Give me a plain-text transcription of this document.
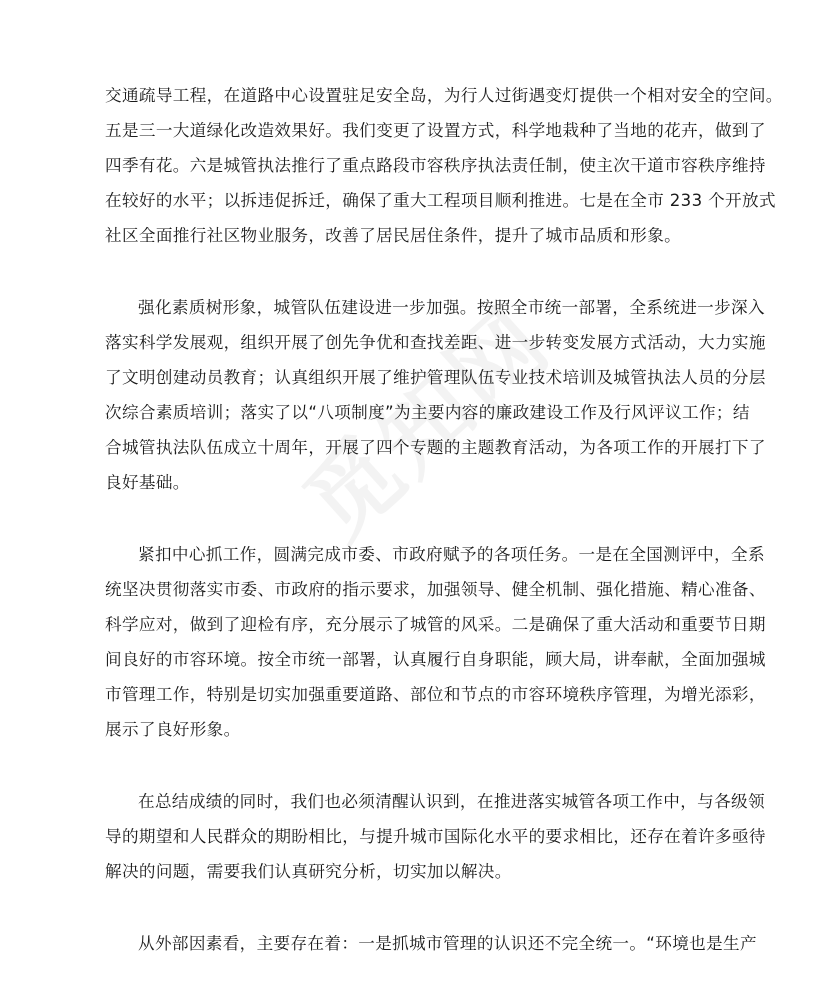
交通疏导工程，在道路中心设置驻足安全岛，为行人过街遇变灯提供一个相对安全的空间。
五是三一大道绿化改造效果好。我们变更了设置方式，科学地栽种了当地的花卉，做到了
四季有花。六是城管执法推行了重点路段市容秩序执法责任制，使主次干道市容秩序维持
在较好的水平；以拆违促拆迁，确保了重大工程项目顺利推进。七是在全市 233 个开放式
社区全面推行社区物业服务，改善了居民居住条件，提升了城市品质和形象。
强化素质树形象，城管队伍建设进一步加强。按照全市统一部署，全系统进一步深入
落实科学发展观，组织开展了创先争优和查找差距、进一步转变发展方式活动，大力实施
了文明创建动员教育；认真组织开展了维护管理队伍专业技术培训及城管执法人员的分层
次综合素质培训；落实了以“八项制度”为主要内容的廉政建设工作及行风评议工作；结
合城管执法队伍成立十周年，开展了四个专题的主题教育活动，为各项工作的开展打下了
良好基础。
紧扣中心抓工作，圆满完成市委、市政府赋予的各项任务。一是在全国测评中，全系
统坚决贯彻落实市委、市政府的指示要求，加强领导、健全机制、强化措施、精心准备、
科学应对，做到了迎检有序，充分展示了城管的风采。二是确保了重大活动和重要节日期
间良好的市容环境。按全市统一部署，认真履行自身职能，顾大局，讲奉献，全面加强城
市管理工作，特别是切实加强重要道路、部位和节点的市容环境秩序管理，为增光添彩，
展示了良好形象。
在总结成绩的同时，我们也必须清醒认识到，在推进落实城管各项工作中，与各级领
导的期望和人民群众的期盼相比，与提升城市国际化水平的要求相比，还存在着许多亟待
解决的问题，需要我们认真研究分析，切实加以解决。
从外部因素看，主要存在着：一是抓城市管理的认识还不完全统一。“环境也是生产
